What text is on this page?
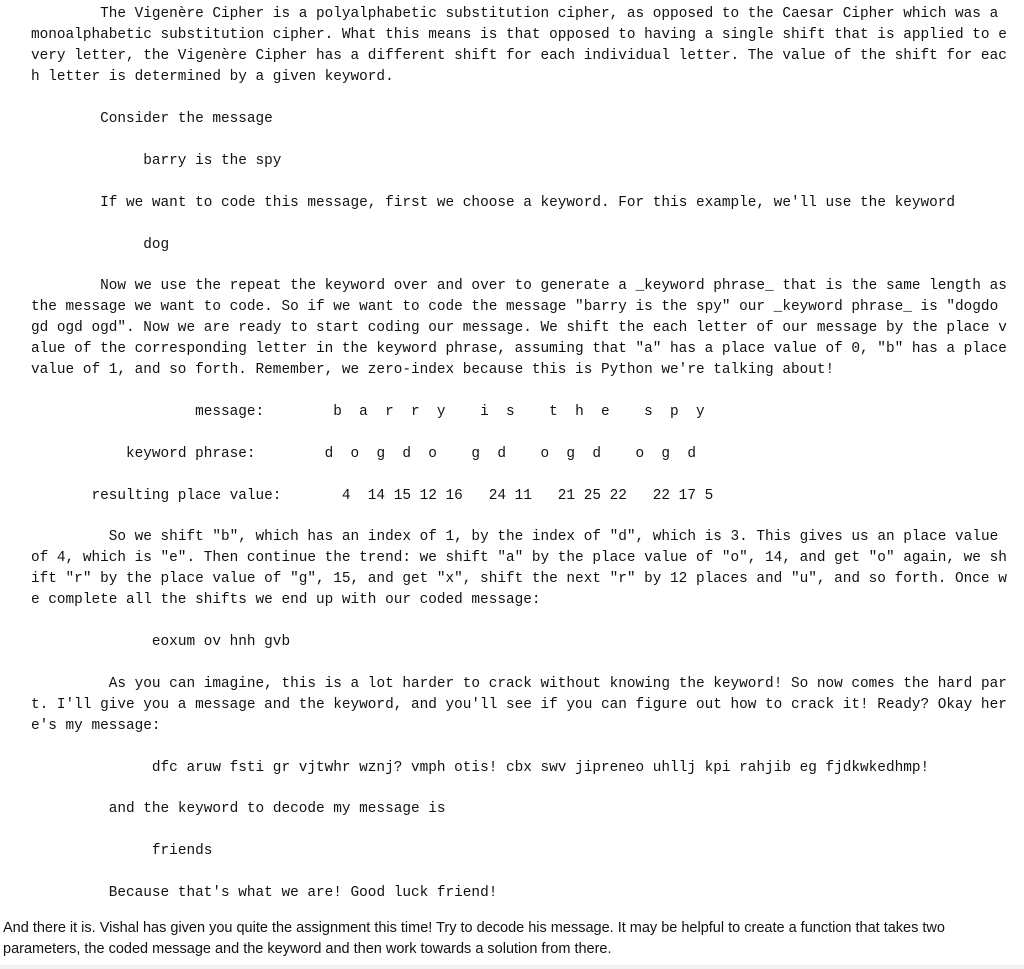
The Vigenère Cipher is a polyalphabetic substitution cipher, as opposed to the Caesar Cipher which was a monoalphabetic substitution cipher. What this means is that opposed to having a single shift that is applied to every letter, the Vigenère Cipher has a different shift for each individual letter. The value of the shift for each letter is determined by a given keyword.

Consider the message

barry is the spy

If we want to code this message, first we choose a keyword. For this example, we'll use the keyword

dog

Now we use the repeat the keyword over and over to generate a _keyword phrase_ that is the same length as the message we want to code. So if we want to code the message "barry is the spy" our _keyword phrase_ is "dogdo gd ogd ogd". Now we are ready to start coding our message. We shift the each letter of our message by the place value of the corresponding letter in the keyword phrase, assuming that "a" has a place value of 0, "b" has a place value of 1, and so forth. Remember, we zero-index because this is Python we're talking about!

message:        b  a  r  r  y    i  s    t  h  e    s  p  y

keyword phrase:        d  o  g  d  o    g  d    o  g  d    o  g  d

resulting place value:       4  14 15 12 16   24 11   21 25 22   22 17 5

So we shift "b", which has an index of 1, by the index of "d", which is 3. This gives us an place value of 4, which is "e". Then continue the trend: we shift "a" by the place value of "o", 14, and get "o" again, we shift "r" by the place value of "g", 15, and get "x", shift the next "r" by 12 places and "u", and so forth. Once we complete all the shifts we end up with our coded message:

eoxum ov hnh gvb

As you can imagine, this is a lot harder to crack without knowing the keyword! So now comes the hard part. I'll give you a message and the keyword, and you'll see if you can figure out how to crack it! Ready? Okay here's my message:

dfc aruw fsti gr vjtwhr wznj? vmph otis! cbx swv jipreneo uhllj kpi rahjib eg fjdkwkedhmp!

and the keyword to decode my message is

friends

Because that's what we are! Good luck friend!

And there it is. Vishal has given you quite the assignment this time! Try to decode his message. It may be helpful to create a function that takes two parameters, the coded message and the keyword and then work towards a solution from there.
